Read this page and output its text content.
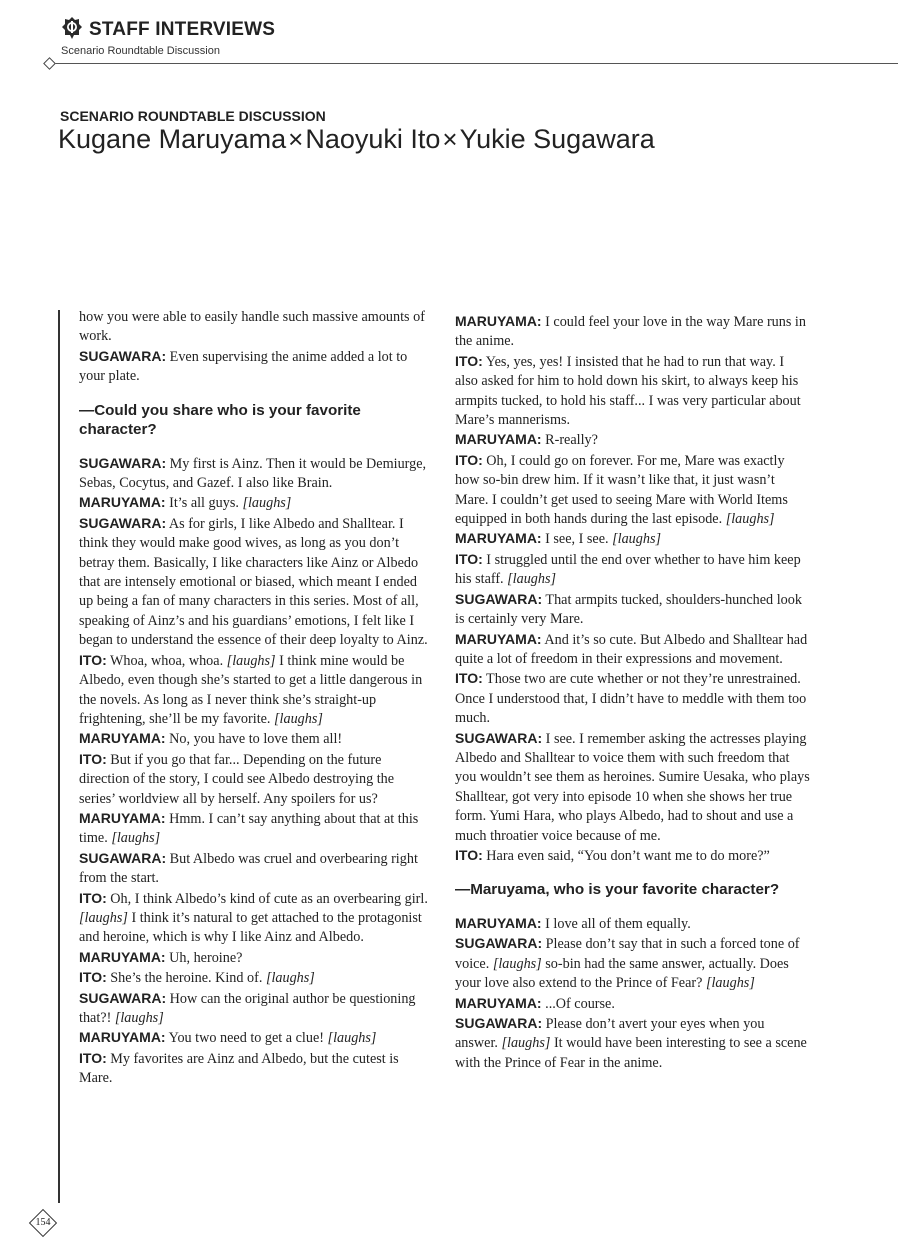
STAFF INTERVIEWS
Scenario Roundtable Discussion
SCENARIO ROUNDTABLE DISCUSSION
Kugane Maruyama×Naoyuki Ito×Yukie Sugawara

how you were able to easily handle such massive amounts of work.

SUGAWARA: Even supervising the anime added a lot to your plate.

—Could you share who is your favorite character?

SUGAWARA: My first is Ainz. Then it would be Demiurge, Sebas, Cocytus, and Gazef. I also like Brain.

MARUYAMA: It’s all guys. [laughs]

SUGAWARA: As for girls, I like Albedo and Shalltear. I think they would make good wives, as long as you don’t betray them. Basically, I like characters like Ainz or Albedo that are intensely emotional or biased, which meant I ended up being a fan of many characters in this series. Most of all, speaking of Ainz’s and his guardians’ emotions, I felt like I began to understand the essence of their deep loyalty to Ainz.

ITO: Whoa, whoa, whoa. [laughs] I think mine would be Albedo, even though she’s started to get a little dangerous in the novels. As long as I never think she’s straight-up frightening, she’ll be my favorite. [laughs]

MARUYAMA: No, you have to love them all!

ITO: But if you go that far... Depending on the future direction of the story, I could see Albedo destroying the series’ worldview all by herself. Any spoilers for us?

MARUYAMA: Hmm. I can’t say anything about that at this time. [laughs]

SUGAWARA: But Albedo was cruel and overbearing right from the start.

ITO: Oh, I think Albedo’s kind of cute as an overbearing girl. [laughs] I think it’s natural to get attached to the protagonist and heroine, which is why I like Ainz and Albedo.

MARUYAMA: Uh, heroine?

ITO: She’s the heroine. Kind of. [laughs]

SUGAWARA: How can the original author be questioning that?! [laughs]

MARUYAMA: You two need to get a clue! [laughs]

ITO: My favorites are Ainz and Albedo, but the cutest is Mare.

MARUYAMA: I could feel your love in the way Mare runs in the anime.

ITO: Yes, yes, yes! I insisted that he had to run that way. I also asked for him to hold down his skirt, to always keep his armpits tucked, to hold his staff... I was very particular about Mare’s mannerisms.

MARUYAMA: R-really?

ITO: Oh, I could go on forever. For me, Mare was exactly how so-bin drew him. If it wasn’t like that, it just wasn’t Mare. I couldn’t get used to seeing Mare with World Items equipped in both hands during the last episode. [laughs]

MARUYAMA: I see, I see. [laughs]

ITO: I struggled until the end over whether to have him keep his staff. [laughs]

SUGAWARA: That armpits tucked, shoulders-hunched look is certainly very Mare.

MARUYAMA: And it’s so cute. But Albedo and Shalltear had quite a lot of freedom in their expressions and movement.

ITO: Those two are cute whether or not they’re unrestrained. Once I understood that, I didn’t have to meddle with them too much.

SUGAWARA: I see. I remember asking the actresses playing Albedo and Shalltear to voice them with such freedom that you wouldn’t see them as heroines. Sumire Uesaka, who plays Shalltear, got very into episode 10 when she shows her true form. Yumi Hara, who plays Albedo, had to shout and use a much throatier voice because of me.

ITO: Hara even said, “You don’t want me to do more?”

—Maruyama, who is your favorite character?

MARUYAMA: I love all of them equally.

SUGAWARA: Please don’t say that in such a forced tone of voice. [laughs] so-bin had the same answer, actually. Does your love also extend to the Prince of Fear? [laughs]

MARUYAMA: ...Of course.

SUGAWARA: Please don’t avert your eyes when you answer. [laughs] It would have been interesting to see a scene with the Prince of Fear in the anime.

154
